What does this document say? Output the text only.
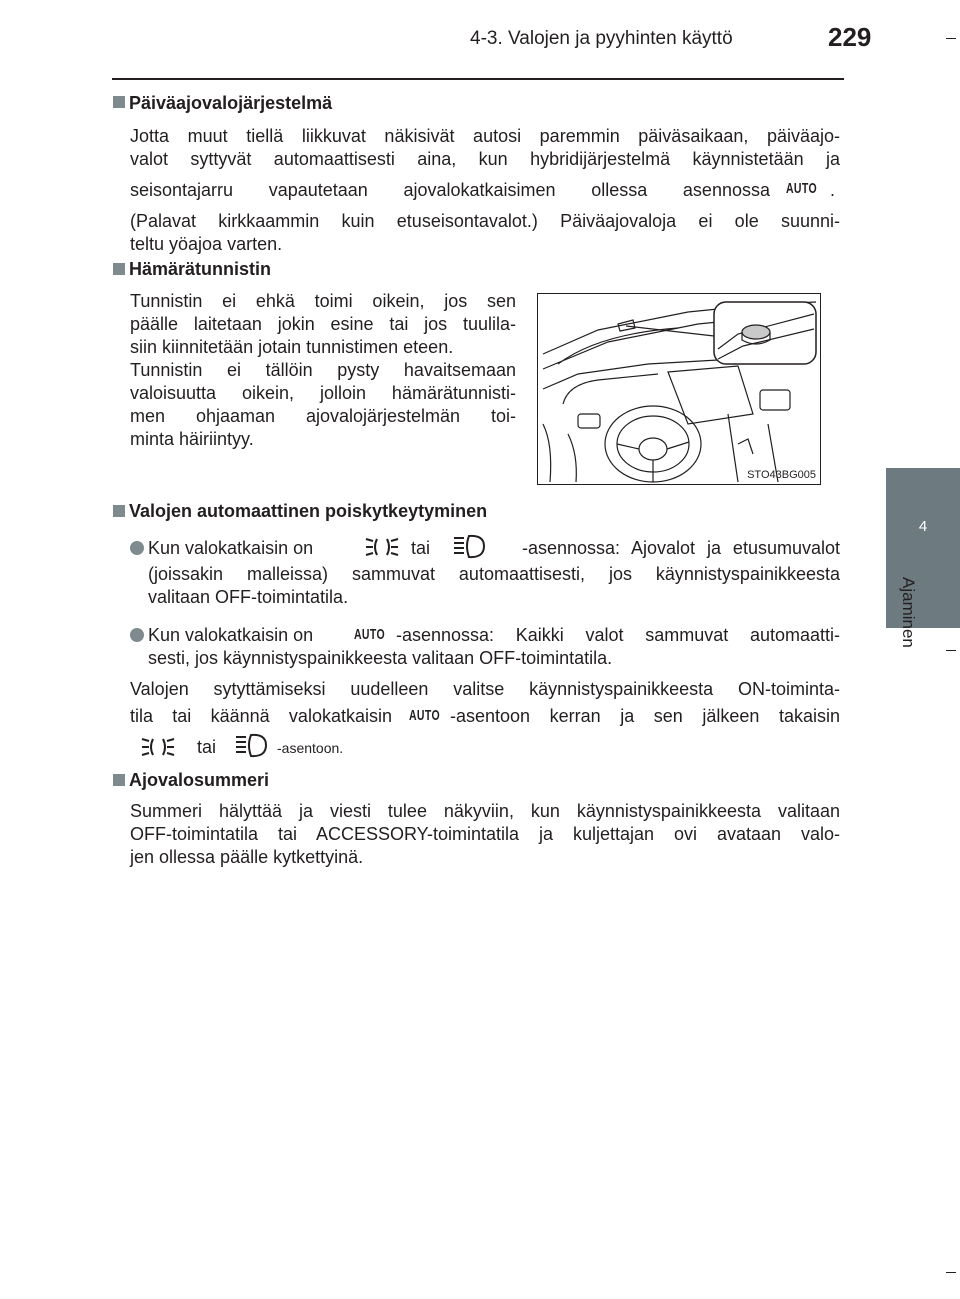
4-3. Valojen ja pyyhinten käyttö	229
4
Ajaminen
Päiväajovalojärjestelmä
Jotta muut tiellä liikkuvat näkisivät autosi paremmin päiväsaikaan, päiväajo-
valot syttyvät automaattisesti aina, kun hybridijärjestelmä käynnistetään ja
seisontajarru vapautetaan ajovalokatkaisimen ollessa asennossa AUTO .
(Palavat kirkkaammin kuin etuseisontavalot.) Päiväajovaloja ei ole suunni-
teltu yöajoa varten.
Hämärätunnistin
Tunnistin ei ehkä toimi oikein, jos sen
päälle laitetaan jokin esine tai jos tuulila-
siin kiinnitetään jotain tunnistimen eteen.
Tunnistin ei tällöin pysty havaitsemaan
valoisuutta oikein, jolloin hämärätunnisti-
men ohjaaman ajovalojärjestelmän toi-
minta häiriintyy.
STO43BG005
Valojen automaattinen poiskytkeytyminen
Kun valokatkaisin on	tai	-asennossa: Ajovalot ja etusumuvalot
(joissakin malleissa) sammuvat automaattisesti, jos käynnistyspainikkeesta
valitaan OFF-toimintatila.
Kun valokatkaisin on	AUTO -asennossa: Kaikki valot sammuvat automaatti-
sesti, jos käynnistyspainikkeesta valitaan OFF-toimintatila.
Valojen sytyttämiseksi uudelleen valitse käynnistyspainikkeesta ON-toiminta-
tila tai käännä valokatkaisin AUTO -asentoon kerran ja sen jälkeen takaisin
tai	-asentoon.
Ajovalosummeri
Summeri hälyttää ja viesti tulee näkyviin, kun käynnistyspainikkeesta valitaan
OFF-toimintatila tai ACCESSORY-toimintatila ja kuljettajan ovi avataan valo-
jen ollessa päälle kytkettyinä.
